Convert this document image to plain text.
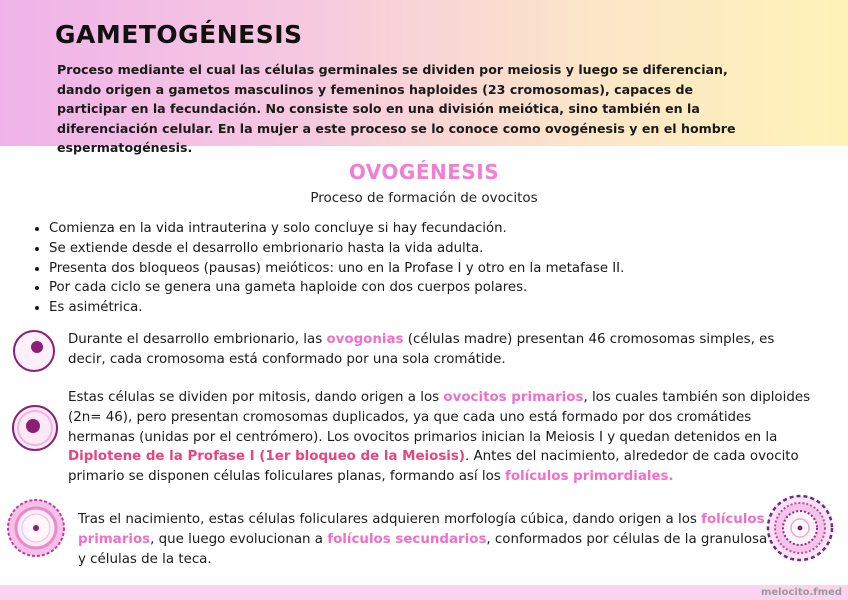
GAMETOGÉNESIS

Proceso mediante el cual las células germinales se dividen por meiosis y luego se diferencian, dando origen a gametos masculinos y femeninos haploides (23 cromosomas), capaces de participar en la fecundación. No consiste solo en una división meiótica, sino también en la diferenciación celular. En la mujer a este proceso se lo conoce como ovogénesis y en el hombre espermatogénesis.

OVOGÉNESIS
Proceso de formación de ovocitos
• Comienza en la vida intrauterina y solo concluye si hay fecundación.
• Se extiende desde el desarrollo embrionario hasta la vida adulta.
• Presenta dos bloqueos (pausas) meióticos: uno en la Profase I y otro en la metafase II.
• Por cada ciclo se genera una gameta haploide con dos cuerpos polares.
• Es asimétrica.

Durante el desarrollo embrionario, las ovogonias (células madre) presentan 46 cromosomas simples, es decir, cada cromosoma está conformado por una sola cromátide.

Estas células se dividen por mitosis, dando origen a los ovocitos primarios, los cuales también son diploides (2n= 46), pero presentan cromosomas duplicados, ya que cada uno está formado por dos cromátides hermanas (unidas por el centrómero). Los ovocitos primarios inician la Meiosis I y quedan detenidos en la Diplotene de la Profase I (1er bloqueo de la Meiosis). Antes del nacimiento, alrededor de cada ovocito primario se disponen células foliculares planas, formando así los folículos primordiales.

Tras el nacimiento, estas células foliculares adquieren morfología cúbica, dando origen a los folículos primarios, que luego evolucionan a folículos secundarios, conformados por células de la granulosa y células de la teca.

melocito.fmed
